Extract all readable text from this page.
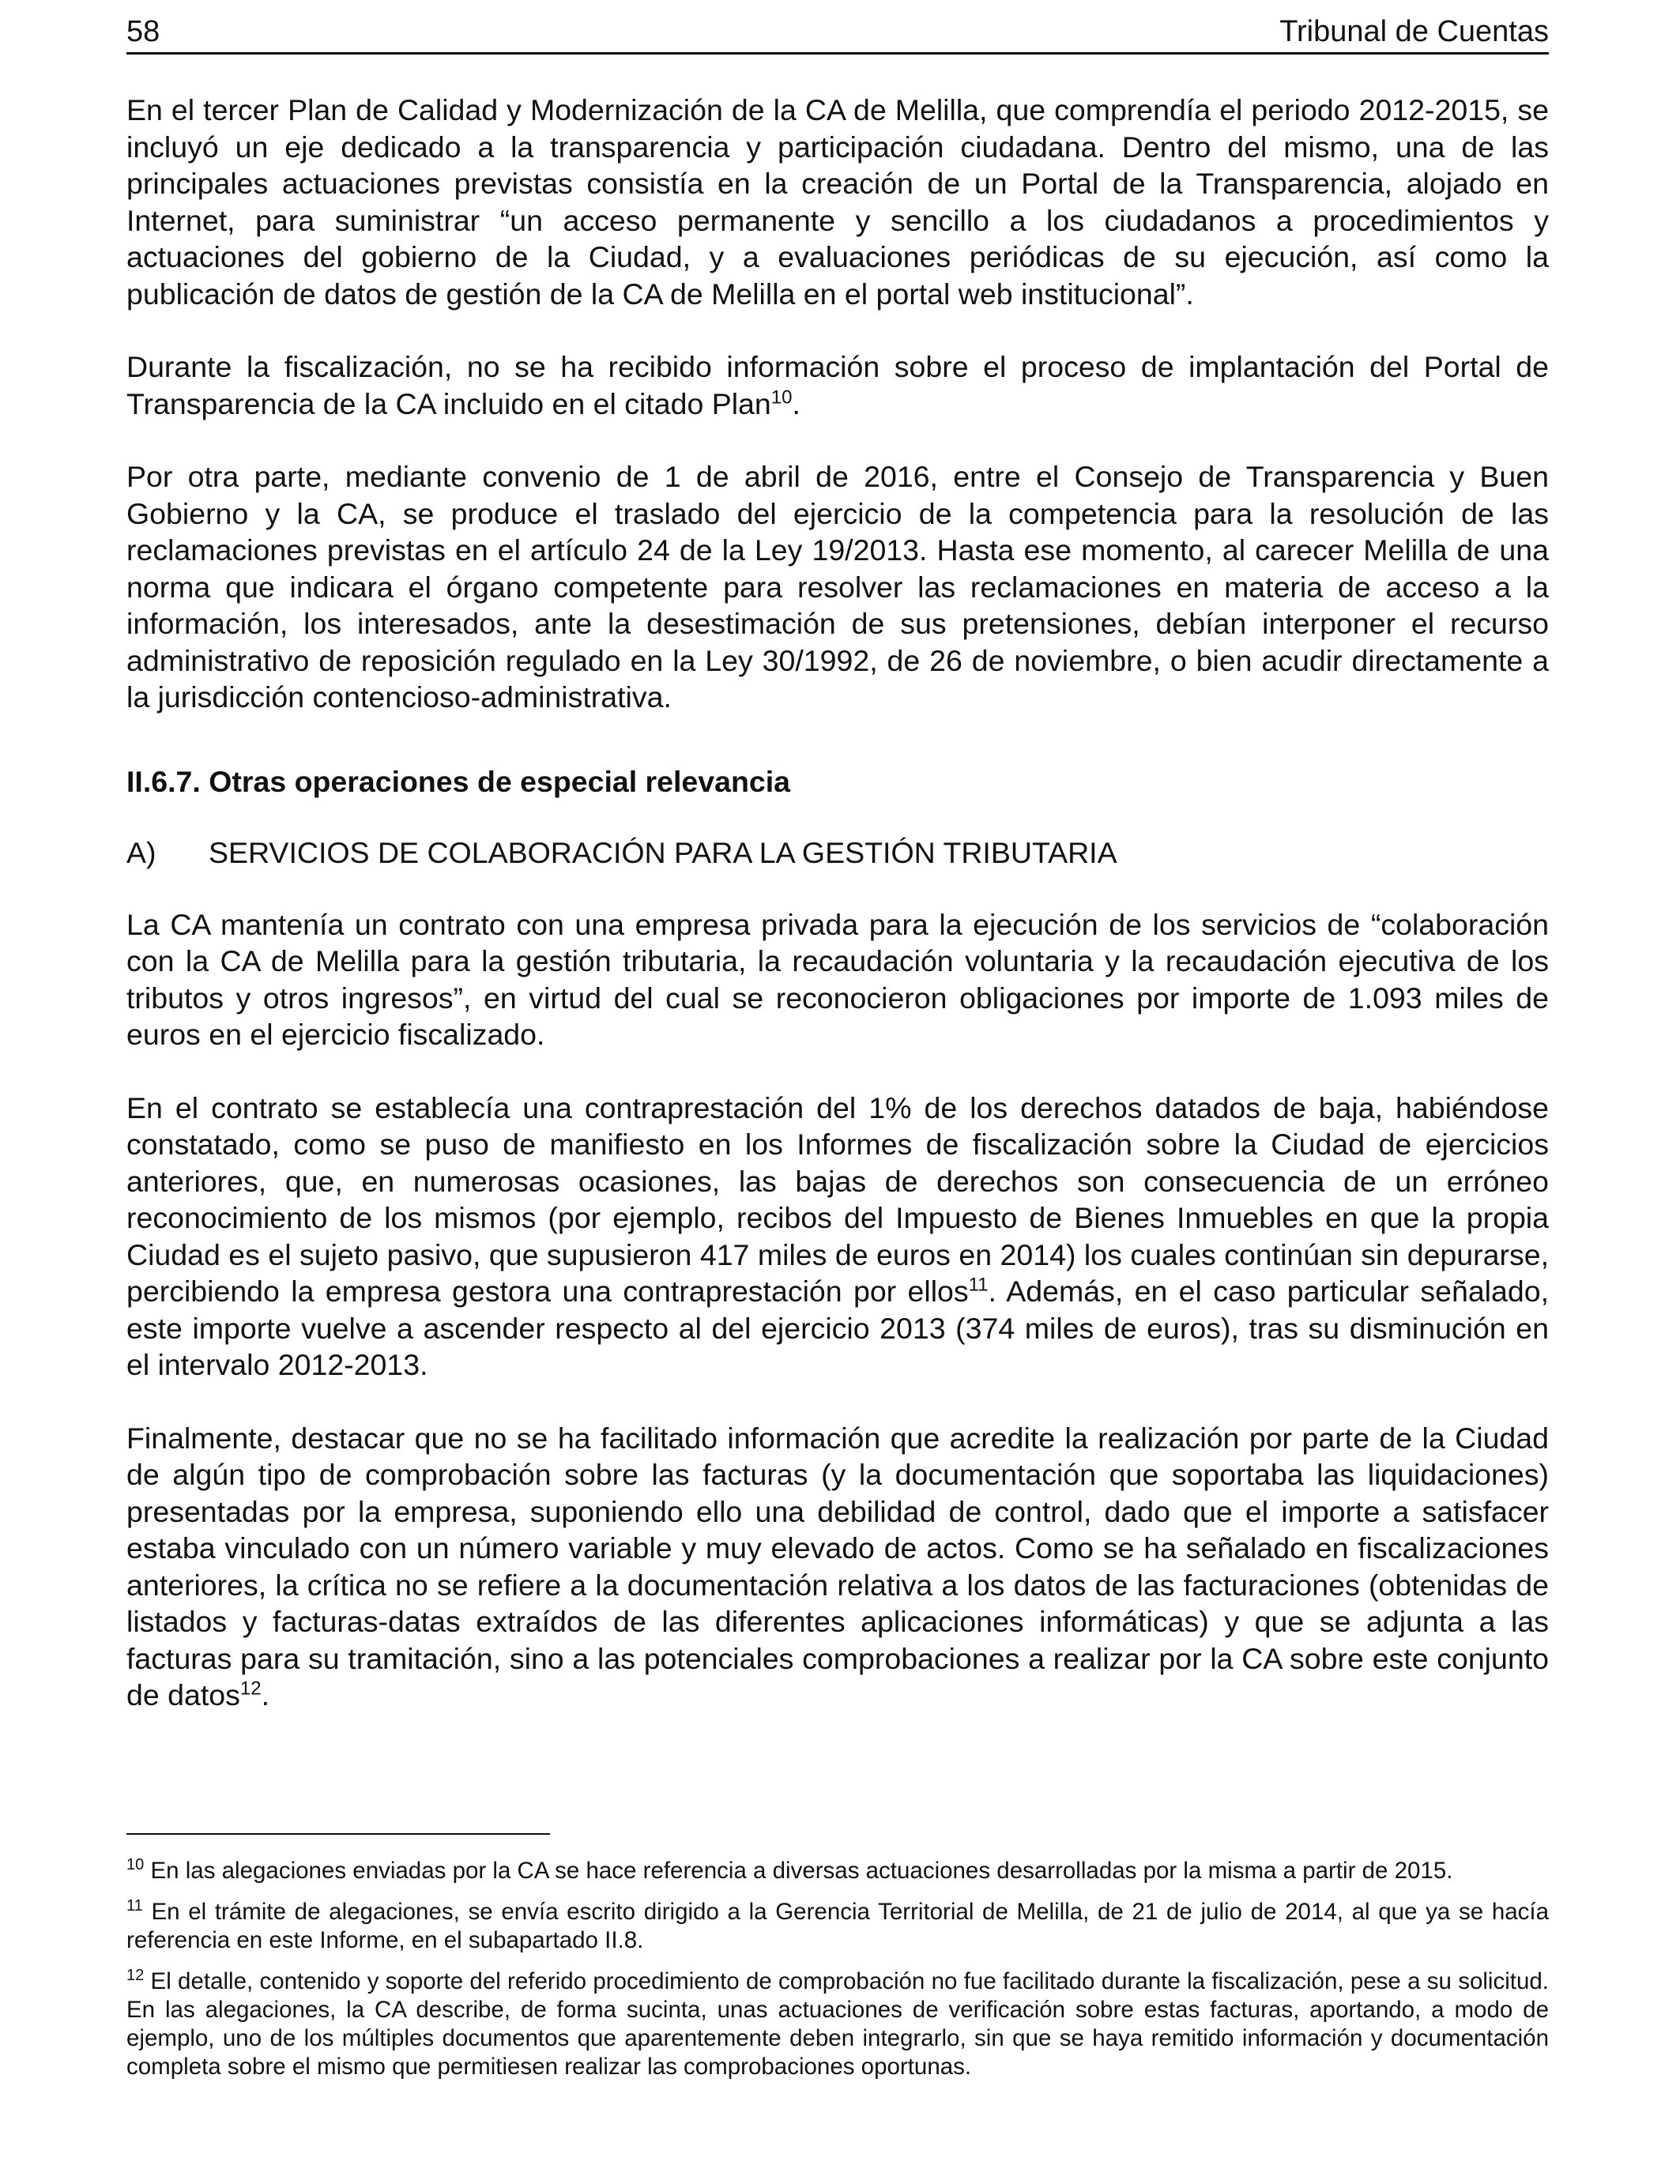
58	Tribunal de Cuentas

En el tercer Plan de Calidad y Modernización de la CA de Melilla, que comprendía el periodo 2012-2015, se incluyó un eje dedicado a la transparencia y participación ciudadana. Dentro del mismo, una de las principales actuaciones previstas consistía en la creación de un Portal de la Transparencia, alojado en Internet, para suministrar “un acceso permanente y sencillo a los ciudadanos a procedimientos y actuaciones del gobierno de la Ciudad, y a evaluaciones periódicas de su ejecución, así como la publicación de datos de gestión de la CA de Melilla en el portal web institucional”.

Durante la fiscalización, no se ha recibido información sobre el proceso de implantación del Portal de Transparencia de la CA incluido en el citado Plan$^{10}$.

Por otra parte, mediante convenio de 1 de abril de 2016, entre el Consejo de Transparencia y Buen Gobierno y la CA, se produce el traslado del ejercicio de la competencia para la resolución de las reclamaciones previstas en el artículo 24 de la Ley 19/2013. Hasta ese momento, al carecer Melilla de una norma que indicara el órgano competente para resolver las reclamaciones en materia de acceso a la información, los interesados, ante la desestimación de sus pretensiones, debían interponer el recurso administrativo de reposición regulado en la Ley 30/1992, de 26 de noviembre, o bien acudir directamente a la jurisdicción contencioso-administrativa.

II.6.7. Otras operaciones de especial relevancia

A) SERVICIOS DE COLABORACIÓN PARA LA GESTIÓN TRIBUTARIA

La CA mantenía un contrato con una empresa privada para la ejecución de los servicios de “colaboración con la CA de Melilla para la gestión tributaria, la recaudación voluntaria y la recaudación ejecutiva de los tributos y otros ingresos”, en virtud del cual se reconocieron obligaciones por importe de 1.093 miles de euros en el ejercicio fiscalizado.

En el contrato se establecía una contraprestación del 1% de los derechos datados de baja, habiéndose constatado, como se puso de manifiesto en los Informes de fiscalización sobre la Ciudad de ejercicios anteriores, que, en numerosas ocasiones, las bajas de derechos son consecuencia de un erróneo reconocimiento de los mismos (por ejemplo, recibos del Impuesto de Bienes Inmuebles en que la propia Ciudad es el sujeto pasivo, que supusieron 417 miles de euros en 2014) los cuales continúan sin depurarse, percibiendo la empresa gestora una contraprestación por ellos$^{11}$. Además, en el caso particular señalado, este importe vuelve a ascender respecto al del ejercicio 2013 (374 miles de euros), tras su disminución en el intervalo 2012-2013.

Finalmente, destacar que no se ha facilitado información que acredite la realización por parte de la Ciudad de algún tipo de comprobación sobre las facturas (y la documentación que soportaba las liquidaciones) presentadas por la empresa, suponiendo ello una debilidad de control, dado que el importe a satisfacer estaba vinculado con un número variable y muy elevado de actos. Como se ha señalado en fiscalizaciones anteriores, la crítica no se refiere a la documentación relativa a los datos de las facturaciones (obtenidas de listados y facturas-datas extraídos de las diferentes aplicaciones informáticas) y que se adjunta a las facturas para su tramitación, sino a las potenciales comprobaciones a realizar por la CA sobre este conjunto de datos$^{12}$.

$^{10}$ En las alegaciones enviadas por la CA se hace referencia a diversas actuaciones desarrolladas por la misma a partir de 2015.

$^{11}$ En el trámite de alegaciones, se envía escrito dirigido a la Gerencia Territorial de Melilla, de 21 de julio de 2014, al que ya se hacía referencia en este Informe, en el subapartado II.8.

$^{12}$ El detalle, contenido y soporte del referido procedimiento de comprobación no fue facilitado durante la fiscalización, pese a su solicitud. En las alegaciones, la CA describe, de forma sucinta, unas actuaciones de verificación sobre estas facturas, aportando, a modo de ejemplo, uno de los múltiples documentos que aparentemente deben integrarlo, sin que se haya remitido información y documentación completa sobre el mismo que permitiesen realizar las comprobaciones oportunas.
